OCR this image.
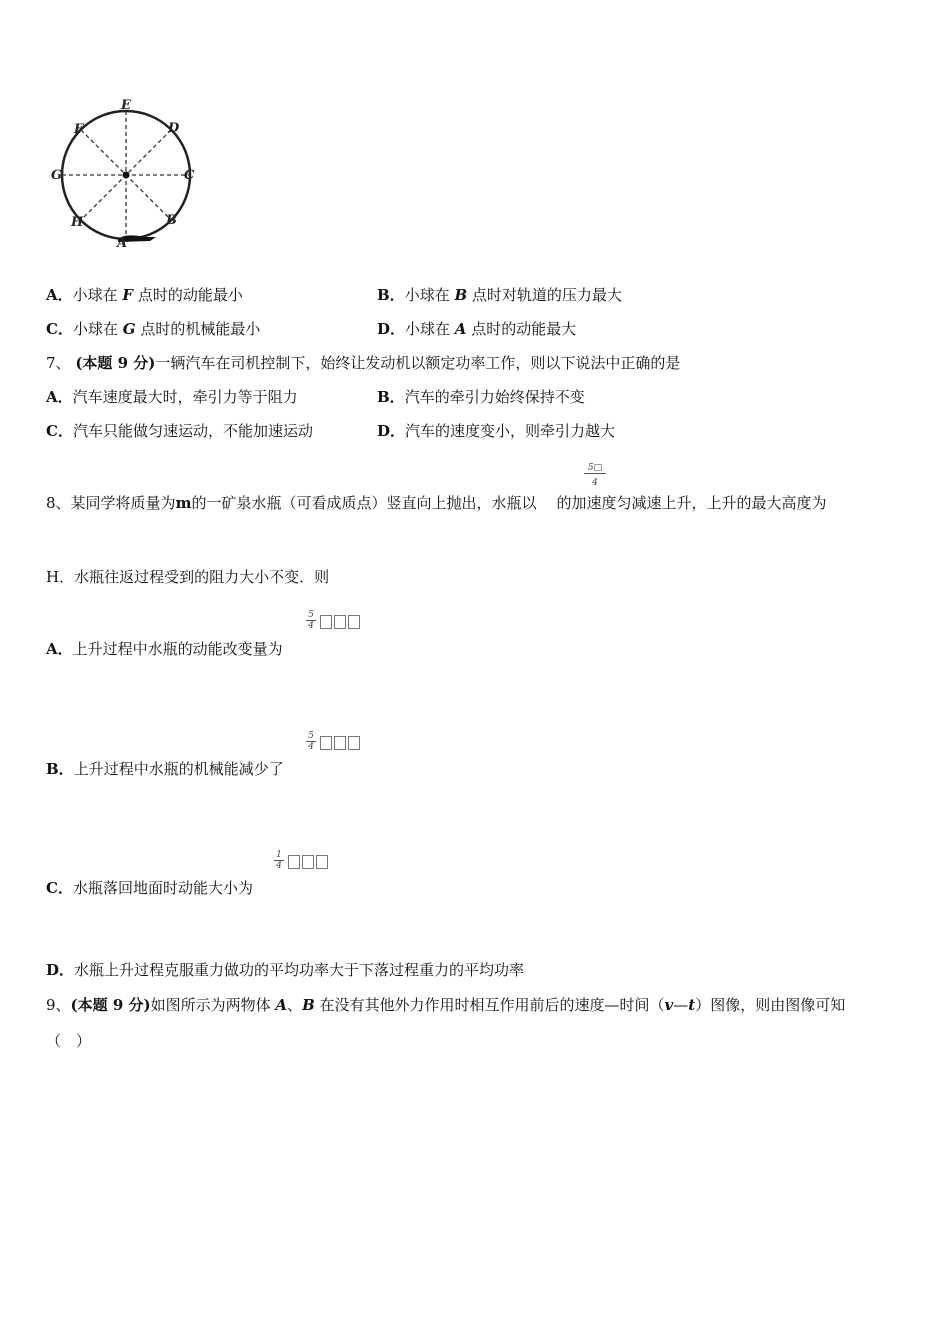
E
D
F
G	C
H	B
A
A．小球在 F 点时的动能最小	B．小球在 B 点时对轨道的压力最大
C．小球在 G 点时的机械能最小	D．小球在 A 点时的动能最大
7、 (本题 9 分)一辆汽车在司机控制下，始终让发动机以额定功率工作，则以下说法中正确的是
A．汽车速度最大时，牵引力等于阻力	B．汽车的牵引力始终保持不变
C．汽车只能做匀速运动，不能加速运动	D．汽车的速度变小，则牵引力越大
$\frac{5□}{4}$
8、某同学将质量为m的一矿泉水瓶（可看成质点）竖直向上抛出，水瓶以 的加速度匀减速上升，上升的最大高度为
H．水瓶往返过程受到的阻力大小不变．则
$\frac{5}{4}$
A．上升过程中水瓶的动能改变量为
$\frac{5}{4}$
B．上升过程中水瓶的机械能减少了
$\frac{1}{4}$
C．水瓶落回地面时动能大小为
D．水瓶上升过程克服重力做功的平均功率大于下落过程重力的平均功率
9、(本题 9 分)如图所示为两物体 A、B 在没有其他外力作用时相互作用前后的速度—时间（v—t）图像，则由图像可知
（　）
